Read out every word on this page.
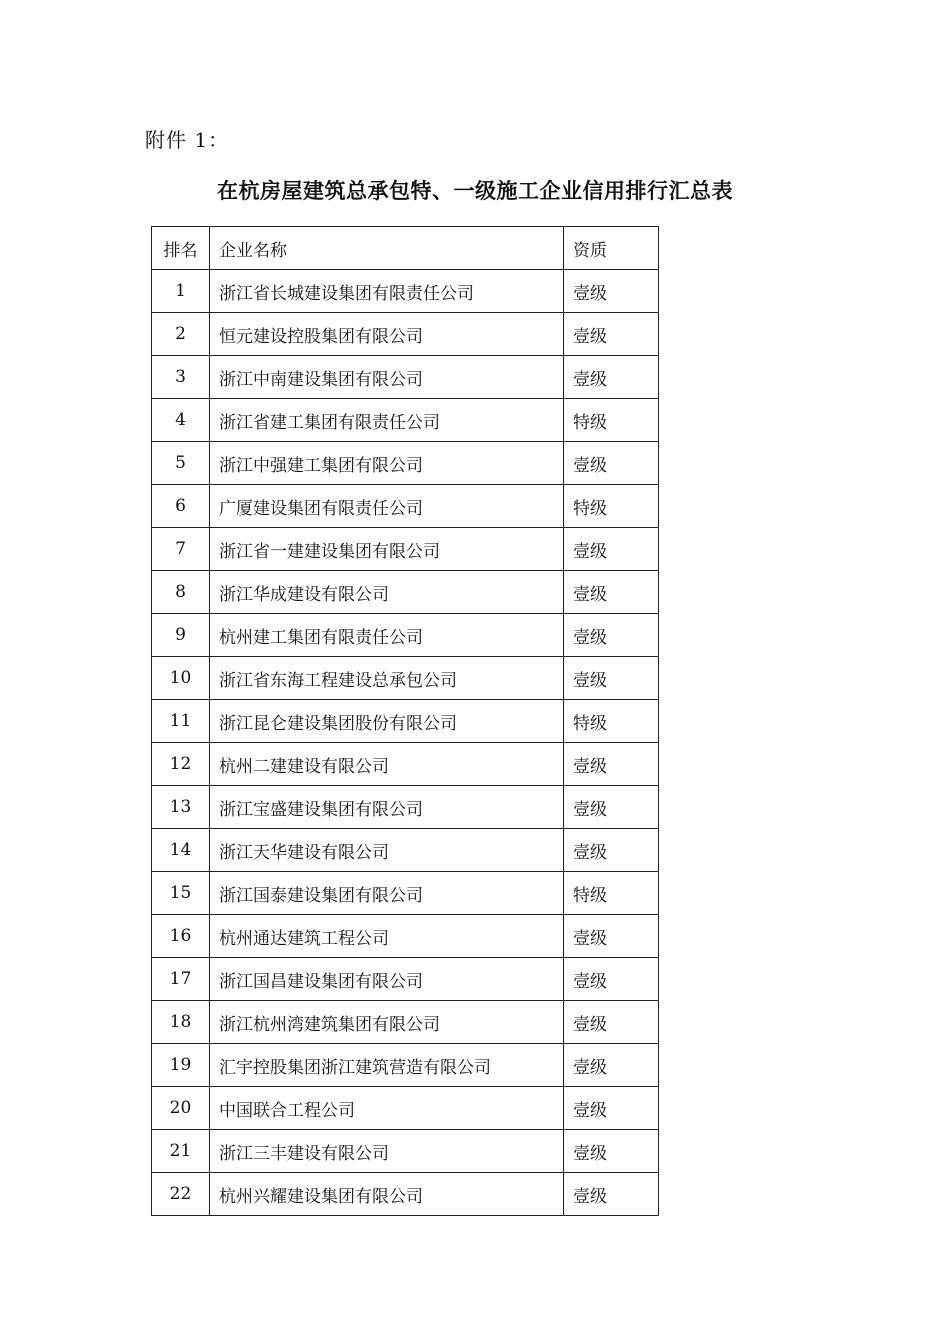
附件 1：
在杭房屋建筑总承包特、一级施工企业信用排行汇总表
排名	企业名称	资质
1	浙江省长城建设集团有限责任公司	壹级
2	恒元建设控股集团有限公司	壹级
3	浙江中南建设集团有限公司	壹级
4	浙江省建工集团有限责任公司	特级
5	浙江中强建工集团有限公司	壹级
6	广厦建设集团有限责任公司	特级
7	浙江省一建建设集团有限公司	壹级
8	浙江华成建设有限公司	壹级
9	杭州建工集团有限责任公司	壹级
10	浙江省东海工程建设总承包公司	壹级
11	浙江昆仑建设集团股份有限公司	特级
12	杭州二建建设有限公司	壹级
13	浙江宝盛建设集团有限公司	壹级
14	浙江天华建设有限公司	壹级
15	浙江国泰建设集团有限公司	特级
16	杭州通达建筑工程公司	壹级
17	浙江国昌建设集团有限公司	壹级
18	浙江杭州湾建筑集团有限公司	壹级
19	汇宇控股集团浙江建筑营造有限公司	壹级
20	中国联合工程公司	壹级
21	浙江三丰建设有限公司	壹级
22	杭州兴耀建设集团有限公司	壹级
